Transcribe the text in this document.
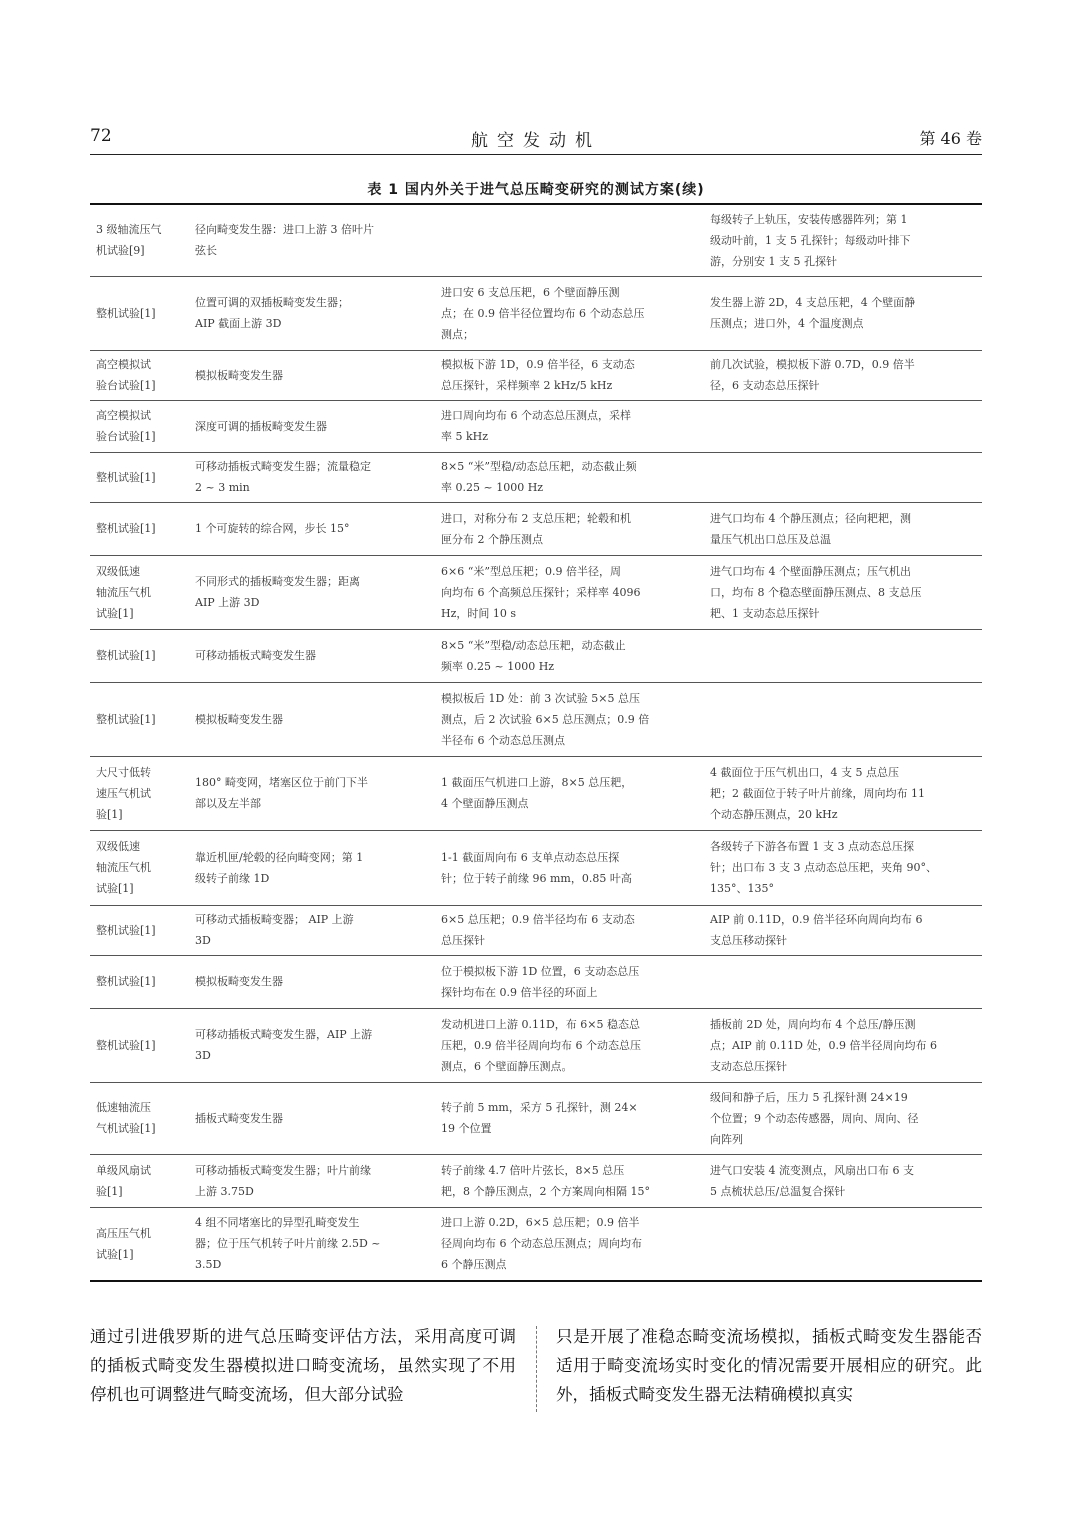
72	航空发动机	第 46 卷
表 1 国内外关于进气总压畸变研究的测试方案(续)
3 级轴流压气
机试验[9]	径向畸变发生器：进口上游 3 倍叶片
弦长		每级转子上轨压，安装传感器阵列；第 1
级动叶前，1 支 5 孔探针；每级动叶排下
游，分别安 1 支 5 孔探针

整机试验[1]	位置可调的双插板畸变发生器；
AIP 截面上游 3D	进口安 6 支总压耙，6 个壁面静压测
点；在 0.9 倍半径位置均布 6 个动态总压
测点；	发生器上游 2D，4 支总压耙，4 个壁面静
压测点；进口外，4 个温度测点

高空模拟试
验台试验[1]	模拟板畸变发生器	模拟板下游 1D，0.9 倍半径，6 支动态
总压探针，采样频率 2 kHz/5 kHz	前几次试验，模拟板下游 0.7D，0.9 倍半
径，6 支动态总压探针

高空模拟试
验台试验[1]	深度可调的插板畸变发生器	进口周向均布 6 个动态总压测点，采样
率 5 kHz	

整机试验[1]	可移动插板式畸变发生器；流量稳定
2 ~ 3 min	8×5 “米”型稳/动态总压耙，动态截止频
率 0.25 ~ 1000 Hz	

整机试验[1]	1 个可旋转的综合网，步长 15°	进口，对称分布 2 支总压耙；轮毂和机
匣分布 2 个静压测点	进气口均布 4 个静压测点；径向耙耙，测
量压气机出口总压及总温

双级低速
轴流压气机
试验[1]	不同形式的插板畸变发生器；距离
AIP 上游 3D	6×6 “米”型总压耙；0.9 倍半径，周
向均布 6 个高频总压探针；采样率 4096
Hz，时间 10 s	进气口均布 4 个壁面静压测点；压气机出
口，均布 8 个稳态壁面静压测点、8 支总压
耙、1 支动态总压探针

整机试验[1]	可移动插板式畸变发生器	8×5 “米”型稳/动态总压耙，动态截止
频率 0.25 ~ 1000 Hz	

整机试验[1]	模拟板畸变发生器	模拟板后 1D 处：前 3 次试验 5×5 总压
测点，后 2 次试验 6×5 总压测点；0.9 倍
半径布 6 个动态总压测点	

大尺寸低转
速压气机试
验[1]	180° 畸变网，堵塞区位于前门下半
部以及左半部	1 截面压气机进口上游，8×5 总压耙，
4 个壁面静压测点	4 截面位于压气机出口，4 支 5 点总压
耙；2 截面位于转子叶片前缘，周向均布 11
个动态静压测点，20 kHz

双级低速
轴流压气机
试验[1]	靠近机匣/轮毂的径向畸变网；第 1
级转子前缘 1D	1-1 截面周向布 6 支单点动态总压探
针；位于转子前缘 96 mm，0.85 叶高	各级转子下游各布置 1 支 3 点动态总压探
针；出口布 3 支 3 点动态总压耙，夹角 90°、
135°、135°

整机试验[1]	可移动式插板畸变器； AIP 上游
3D	6×5 总压耙；0.9 倍半径均布 6 支动态
总压探针	AIP 前 0.11D，0.9 倍半径环向周向均布 6
支总压移动探针

整机试验[1]	模拟板畸变发生器	位于模拟板下游 1D 位置，6 支动态总压
探针均布在 0.9 倍半径的环面上	

整机试验[1]	可移动插板式畸变发生器，AIP 上游
3D	发动机进口上游 0.11D，布 6×5 稳态总
压耙，0.9 倍半径周向均布 6 个动态总压
测点，6 个壁面静压测点。	插板前 2D 处，周向均布 4 个总压/静压测
点；AIP 前 0.11D 处，0.9 倍半径周向均布 6
支动态总压探针

低速轴流压
气机试验[1]	插板式畸变发生器	转子前 5 mm，采方 5 孔探针，测 24×
19 个位置	级间和静子后，压力 5 孔探针测 24×19
个位置；9 个动态传感器，周向、周向、径
向阵列

单级风扇试
验[1]	可移动插板式畸变发生器；叶片前缘
上游 3.75D	转子前缘 4.7 倍叶片弦长，8×5 总压
耙，8 个静压测点，2 个方案周向相隔 15°	进气口安装 4 流变测点，风扇出口布 6 支
5 点梳状总压/总温复合探针

高压压气机
试验[1]	4 组不同堵塞比的异型孔畸变发生
器；位于压气机转子叶片前缘 2.5D ~
3.5D	进口上游 0.2D，6×5 总压耙；0.9 倍半
径周向均布 6 个动态总压测点；周向均布
6 个静压测点	

通过引进俄罗斯的进气总压畸变评估方法，采用高度可调的插板式畸变发生器模拟进口畸变流场，虽然实现了不用停机也可调整进气畸变流场，但大部分试验
只是开展了准稳态畸变流场模拟，插板式畸变发生器能否适用于畸变流场实时变化的情况需要开展相应的研究。此外，插板式畸变发生器无法精确模拟真实
